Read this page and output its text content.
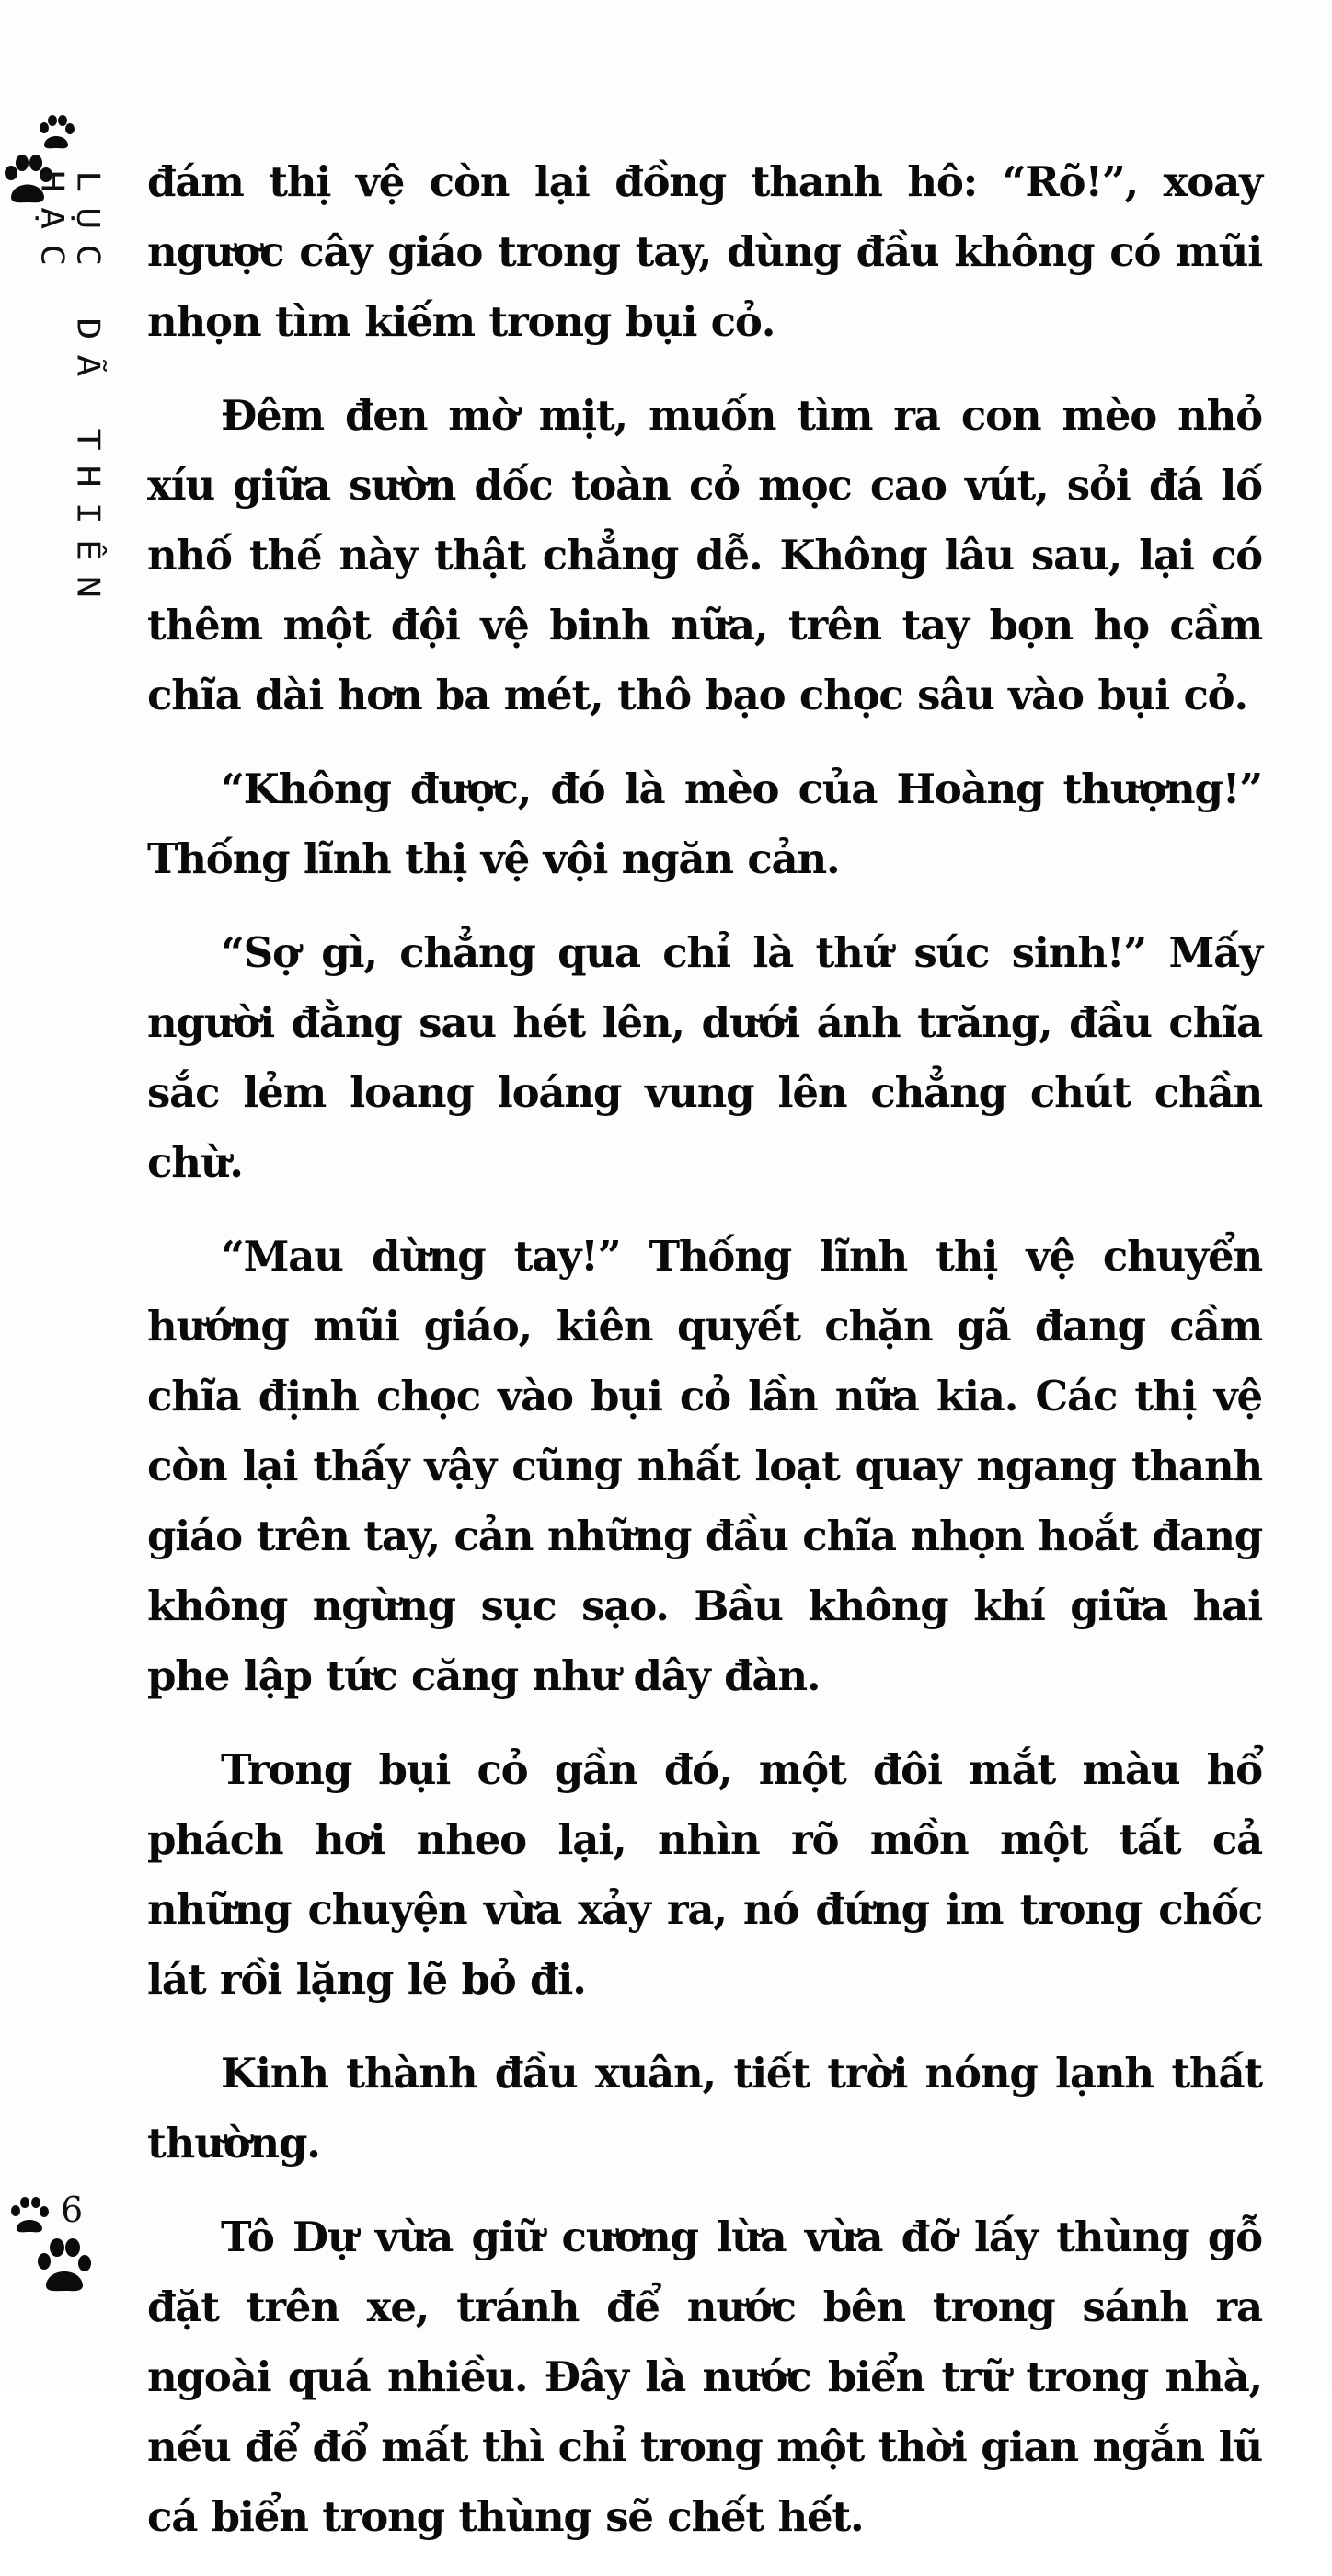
LỤC DÃ THIÊN HẠC	đám thị vệ còn lại đồng thanh hô: “Rõ!”, xoay ngược cây giáo trong tay, dùng đầu không có mũi nhọn tìm kiếm trong bụi cỏ.

Đêm đen mờ mịt, muốn tìm ra con mèo nhỏ xíu giữa sườn dốc toàn cỏ mọc cao vút, sỏi đá lố nhố thế này thật chẳng dễ. Không lâu sau, lại có thêm một đội vệ binh nữa, trên tay bọn họ cầm chĩa dài hơn ba mét, thô bạo chọc sâu vào bụi cỏ.

“Không được, đó là mèo của Hoàng thượng!” Thống lĩnh thị vệ vội ngăn cản.

“Sợ gì, chẳng qua chỉ là thứ súc sinh!” Mấy người đằng sau hét lên, dưới ánh trăng, đầu chĩa sắc lẻm loang loáng vung lên chẳng chút chần chừ.

“Mau dừng tay!” Thống lĩnh thị vệ chuyển hướng mũi giáo, kiên quyết chặn gã đang cầm chĩa định chọc vào bụi cỏ lần nữa kia. Các thị vệ còn lại thấy vậy cũng nhất loạt quay ngang thanh giáo trên tay, cản những đầu chĩa nhọn hoắt đang không ngừng sục sạo. Bầu không khí giữa hai phe lập tức căng như dây đàn.

Trong bụi cỏ gần đó, một đôi mắt màu hổ phách hơi nheo lại, nhìn rõ mồn một tất cả những chuyện vừa xảy ra, nó đứng im trong chốc lát rồi lặng lẽ bỏ đi.

Kinh thành đầu xuân, tiết trời nóng lạnh thất thường.

Tô Dự vừa giữ cương lừa vừa đỡ lấy thùng gỗ đặt trên xe, tránh để nước bên trong sánh ra ngoài quá nhiều. Đây là nước biển trữ trong nhà, nếu để đổ mất thì chỉ trong một thời gian ngắn lũ cá biển trong thùng sẽ chết hết.

6
